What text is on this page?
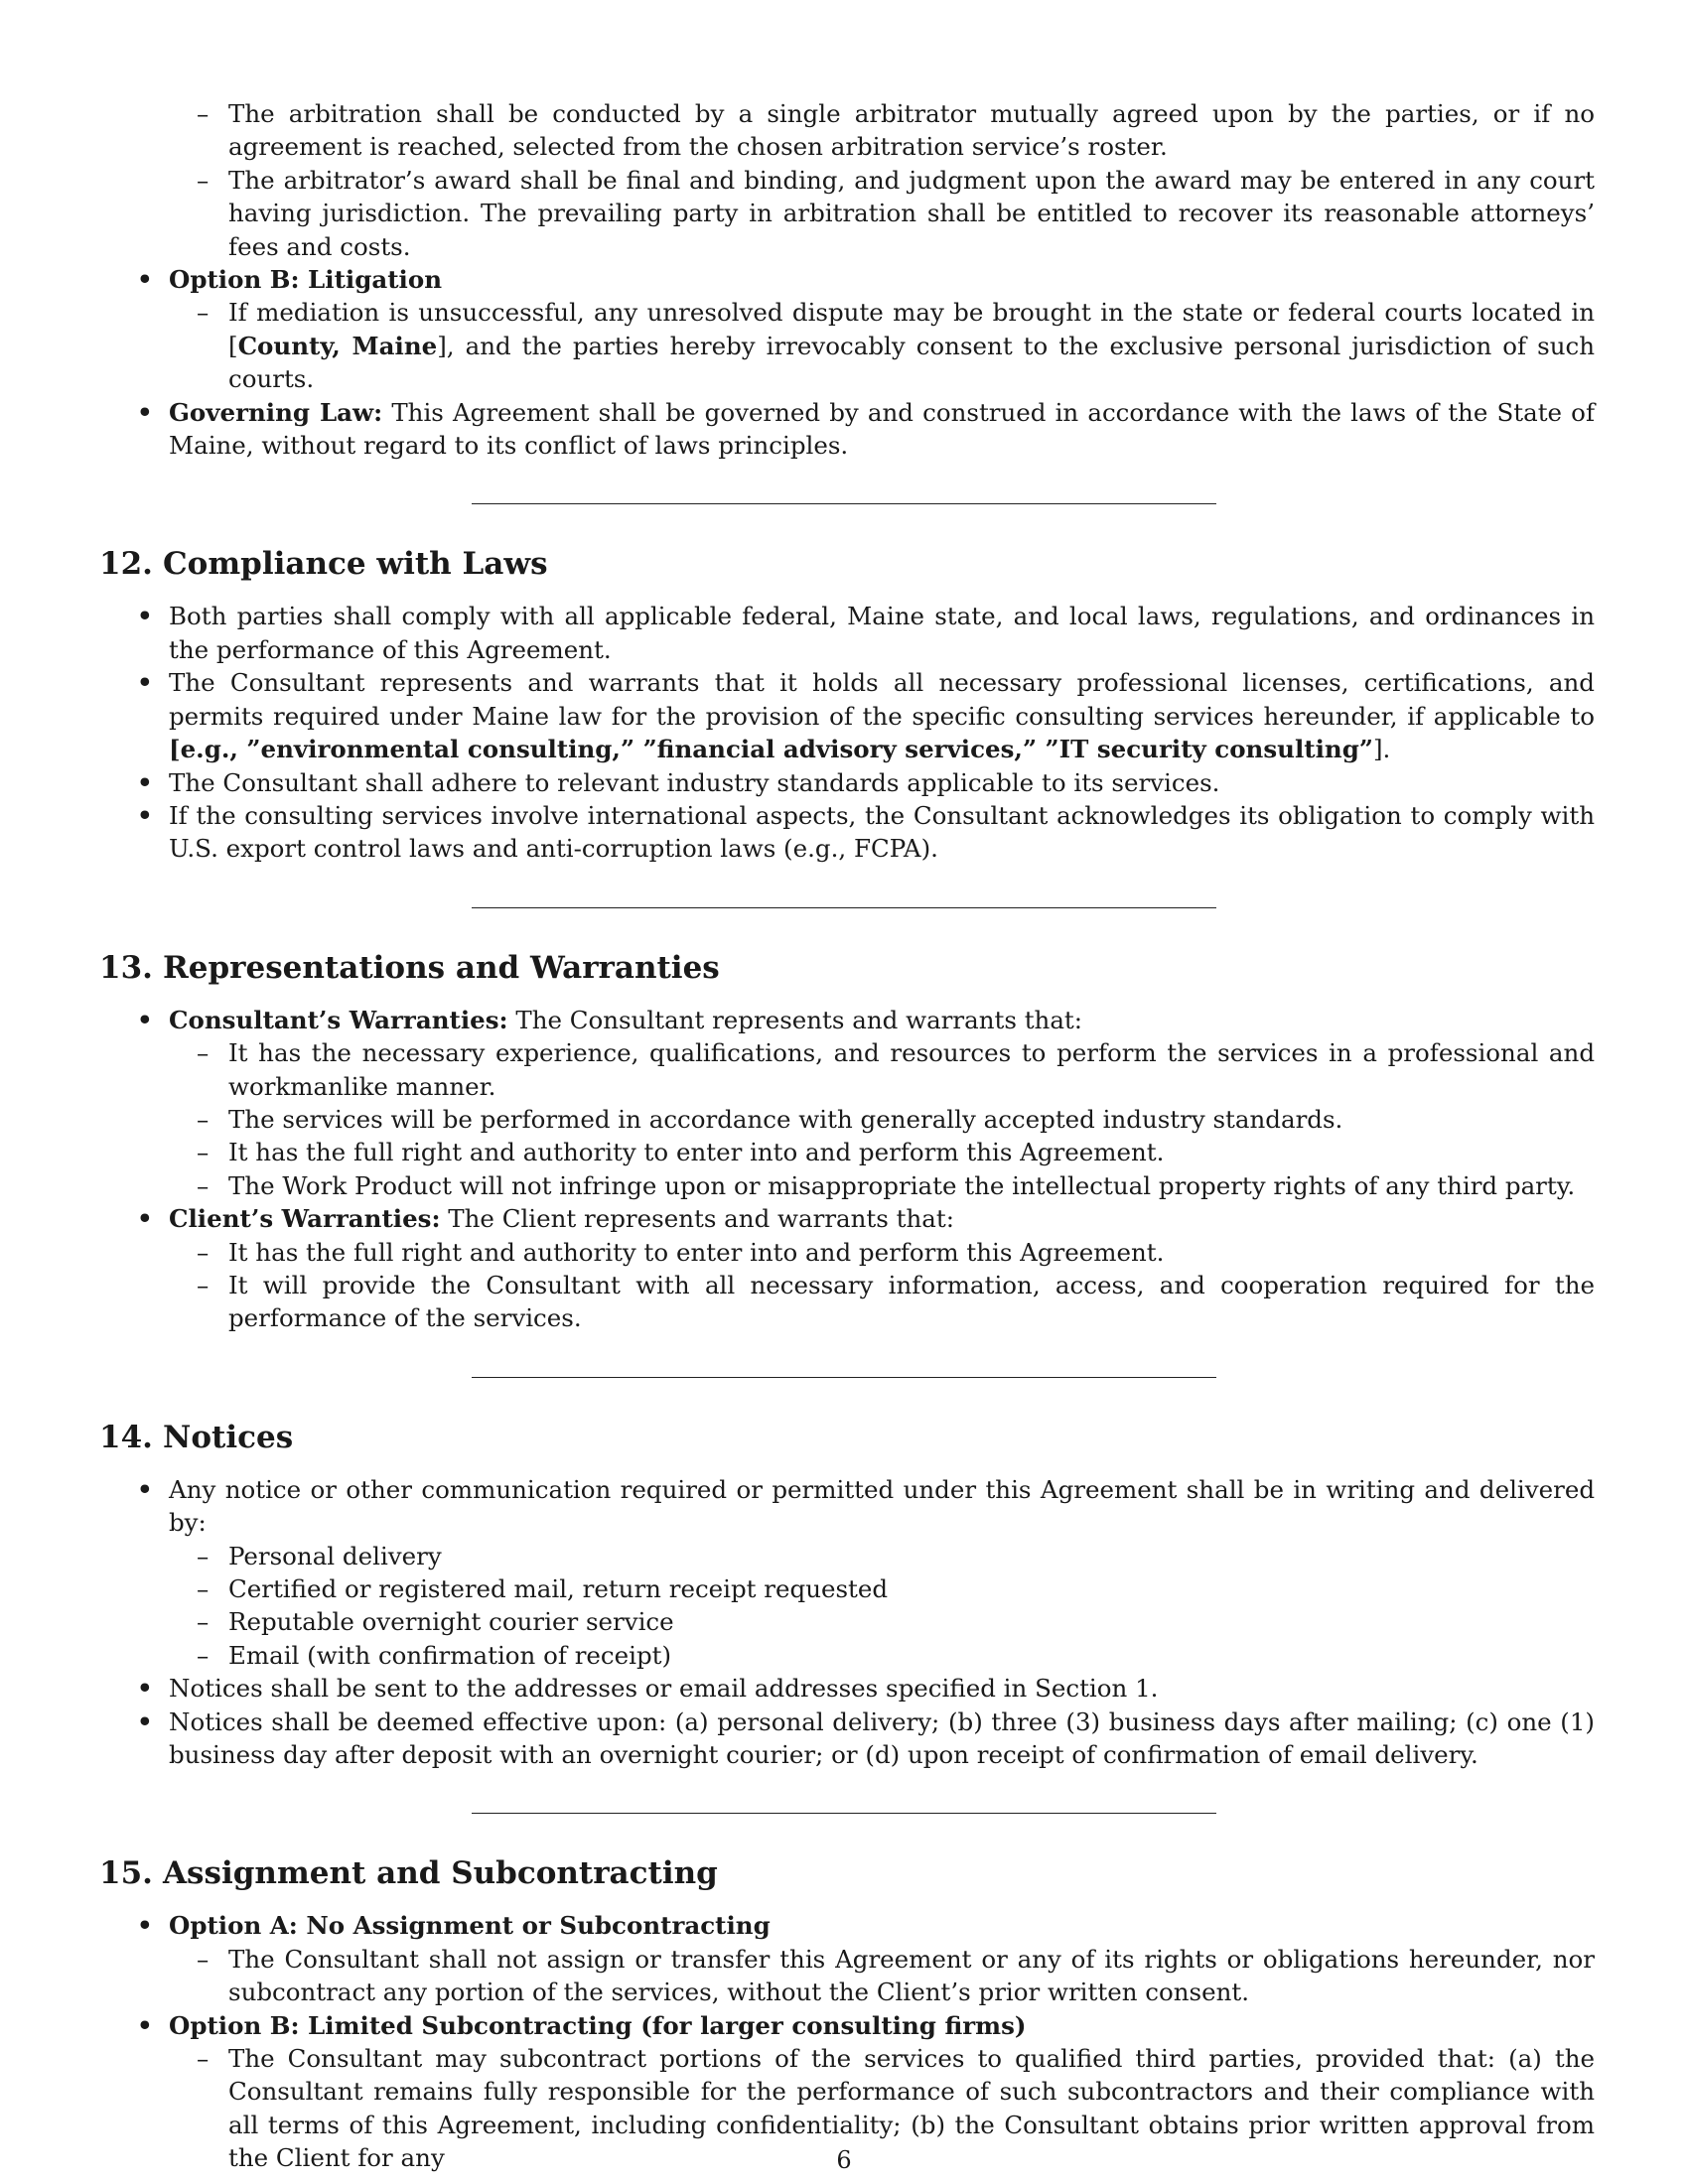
– The arbitration shall be conducted by a single arbitrator mutually agreed upon by the parties, or if no agreement is reached, selected from the chosen arbitration service’s roster.
– The arbitrator’s award shall be final and binding, and judgment upon the award may be entered in any court having jurisdiction. The prevailing party in arbitration shall be entitled to recover its reasonable attorneys’ fees and costs.
• Option B: Litigation
– If mediation is unsuccessful, any unresolved dispute may be brought in the state or federal courts located in [County, Maine], and the parties hereby irrevocably consent to the exclusive personal jurisdiction of such courts.
• Governing Law: This Agreement shall be governed by and construed in accordance with the laws of the State of Maine, without regard to its conflict of laws principles.
12. Compliance with Laws
• Both parties shall comply with all applicable federal, Maine state, and local laws, regulations, and ordinances in the performance of this Agreement.
• The Consultant represents and warrants that it holds all necessary professional licenses, certifications, and permits required under Maine law for the provision of the specific consulting services hereunder, if applicable to [e.g., ”environmental consulting,” ”financial advisory services,” ”IT security consulting”].
• The Consultant shall adhere to relevant industry standards applicable to its services.
• If the consulting services involve international aspects, the Consultant acknowledges its obligation to comply with U.S. export control laws and anti-corruption laws (e.g., FCPA).
13. Representations and Warranties
• Consultant’s Warranties: The Consultant represents and warrants that:
– It has the necessary experience, qualifications, and resources to perform the services in a professional and workmanlike manner.
– The services will be performed in accordance with generally accepted industry standards.
– It has the full right and authority to enter into and perform this Agreement.
– The Work Product will not infringe upon or misappropriate the intellectual property rights of any third party.
• Client’s Warranties: The Client represents and warrants that:
– It has the full right and authority to enter into and perform this Agreement.
– It will provide the Consultant with all necessary information, access, and cooperation required for the performance of the services.
14. Notices
• Any notice or other communication required or permitted under this Agreement shall be in writing and delivered by:
– Personal delivery
– Certified or registered mail, return receipt requested
– Reputable overnight courier service
– Email (with confirmation of receipt)
• Notices shall be sent to the addresses or email addresses specified in Section 1.
• Notices shall be deemed effective upon: (a) personal delivery; (b) three (3) business days after mailing; (c) one (1) business day after deposit with an overnight courier; or (d) upon receipt of confirmation of email delivery.
15. Assignment and Subcontracting
• Option A: No Assignment or Subcontracting
– The Consultant shall not assign or transfer this Agreement or any of its rights or obligations hereunder, nor subcontract any portion of the services, without the Client’s prior written consent.
• Option B: Limited Subcontracting (for larger consulting firms)
– The Consultant may subcontract portions of the services to qualified third parties, provided that: (a) the Consultant remains fully responsible for the performance of such subcontractors and their compliance with all terms of this Agreement, including confidentiality; (b) the Consultant obtains prior written approval from the Client for any	6
